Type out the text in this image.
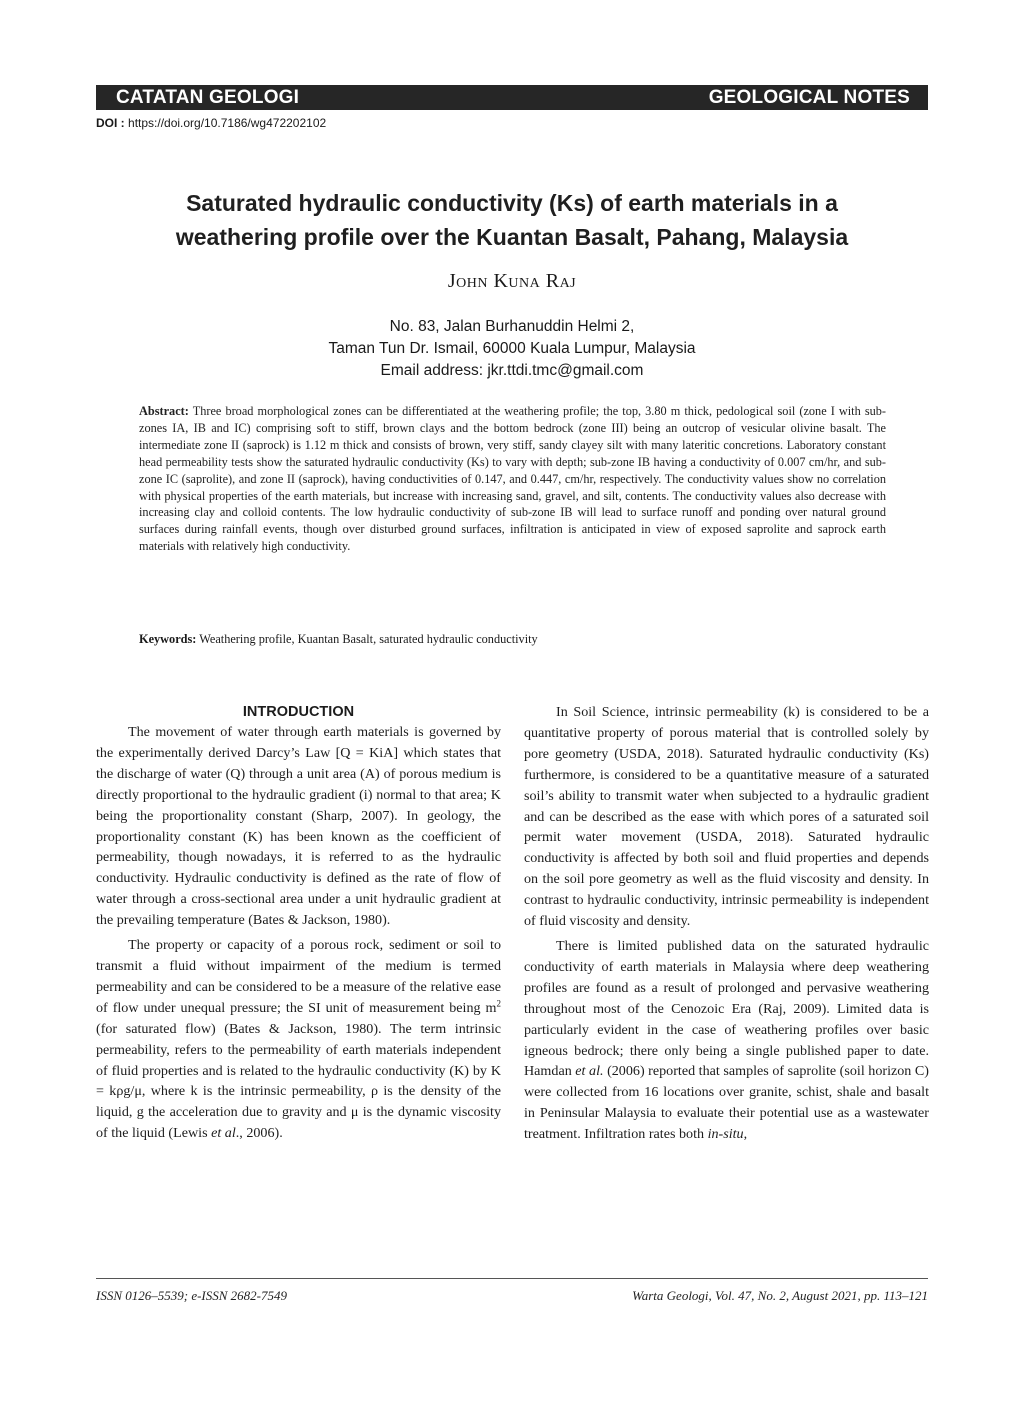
CATATAN GEOLOGI	GEOLOGICAL NOTES
DOI : https://doi.org/10.7186/wg472202102
Saturated hydraulic conductivity (Ks) of earth materials in a
weathering profile over the Kuantan Basalt, Pahang, Malaysia
John Kuna Raj
No. 83, Jalan Burhanuddin Helmi 2,
Taman Tun Dr. Ismail, 60000 Kuala Lumpur, Malaysia
Email address: jkr.ttdi.tmc@gmail.com
Abstract: Three broad morphological zones can be differentiated at the weathering profile; the top, 3.80 m thick, pedological soil (zone I with sub-zones IA, IB and IC) comprising soft to stiff, brown clays and the bottom bedrock (zone III) being an outcrop of vesicular olivine basalt. The intermediate zone II (saprock) is 1.12 m thick and consists of brown, very stiff, sandy clayey silt with many lateritic concretions. Laboratory constant head permeability tests show the saturated hydraulic conductivity (Ks) to vary with depth; sub-zone IB having a conductivity of 0.007 cm/hr, and sub-zone IC (saprolite), and zone II (saprock), having conductivities of 0.147, and 0.447, cm/hr, respectively. The conductivity values show no correlation with physical properties of the earth materials, but increase with increasing sand, gravel, and silt, contents. The conductivity values also decrease with increasing clay and colloid contents. The low hydraulic conductivity of sub-zone IB will lead to surface runoff and ponding over natural ground surfaces during rainfall events, though over disturbed ground surfaces, infiltration is anticipated in view of exposed saprolite and saprock earth materials with relatively high conductivity.
Keywords: Weathering profile, Kuantan Basalt, saturated hydraulic conductivity
INTRODUCTION

The movement of water through earth materials is governed by the experimentally derived Darcy’s Law [Q = KiA] which states that the discharge of water (Q) through a unit area (A) of porous medium is directly proportional to the hydraulic gradient (i) normal to that area; K being the proportionality constant (Sharp, 2007). In geology, the proportionality constant (K) has been known as the coefficient of permeability, though nowadays, it is referred to as the hydraulic conductivity. Hydraulic conductivity is defined as the rate of flow of water through a cross-sectional area under a unit hydraulic gradient at the prevailing temperature (Bates & Jackson, 1980).

The property or capacity of a porous rock, sediment or soil to transmit a fluid without impairment of the medium is termed permeability and can be considered to be a measure of the relative ease of flow under unequal pressure; the SI unit of measurement being $m^2$ (for saturated flow) (Bates & Jackson, 1980). The term intrinsic permeability, refers to the permeability of earth materials independent of fluid properties and is related to the hydraulic conductivity (K) by K = kρg/μ, where k is the intrinsic permeability, ρ is the density of the liquid, g the acceleration due to gravity and μ is the dynamic viscosity of the liquid (Lewis et al., 2006).

In Soil Science, intrinsic permeability (k) is considered to be a quantitative property of porous material that is controlled solely by pore geometry (USDA, 2018). Saturated hydraulic conductivity (Ks) furthermore, is considered to be a quantitative measure of a saturated soil’s ability to transmit water when subjected to a hydraulic gradient and can be described as the ease with which pores of a saturated soil permit water movement (USDA, 2018). Saturated hydraulic conductivity is affected by both soil and fluid properties and depends on the soil pore geometry as well as the fluid viscosity and density. In contrast to hydraulic conductivity, intrinsic permeability is independent of fluid viscosity and density.

There is limited published data on the saturated hydraulic conductivity of earth materials in Malaysia where deep weathering profiles are found as a result of prolonged and pervasive weathering throughout most of the Cenozoic Era (Raj, 2009). Limited data is particularly evident in the case of weathering profiles over basic igneous bedrock; there only being a single published paper to date. Hamdan et al. (2006) reported that samples of saprolite (soil horizon C) were collected from 16 locations over granite, schist, shale and basalt in Peninsular Malaysia to evaluate their potential use as a wastewater treatment. Infiltration rates both in-situ,

ISSN 0126–5539; e-ISSN 2682-7549	Warta Geologi, Vol. 47, No. 2, August 2021, pp. 113–121
